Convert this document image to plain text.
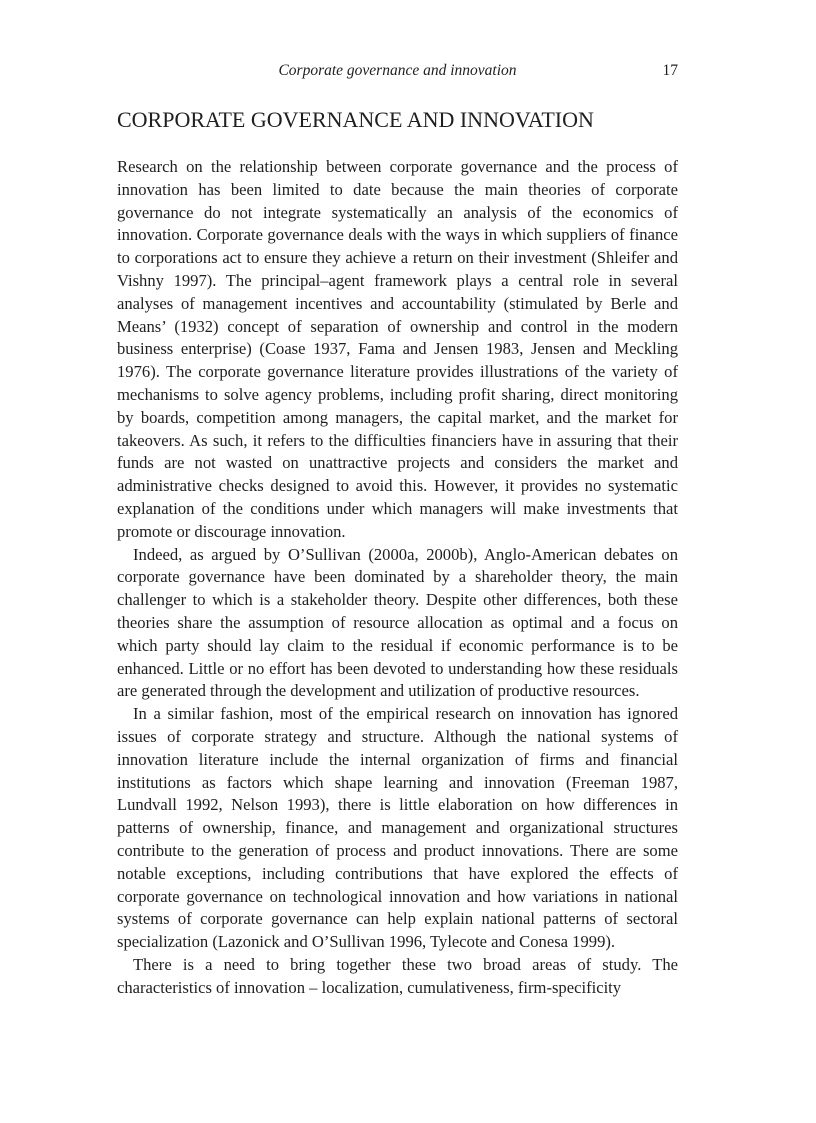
Corporate governance and innovation	17
CORPORATE GOVERNANCE AND INNOVATION

Research on the relationship between corporate governance and the process of innovation has been limited to date because the main theories of corporate governance do not integrate systematically an analysis of the economics of innovation. Corporate governance deals with the ways in which suppliers of finance to corporations act to ensure they achieve a return on their investment (Shleifer and Vishny 1997). The principal–agent framework plays a central role in several analyses of management incentives and accountability (stimulated by Berle and Means’ (1932) concept of separation of ownership and control in the modern business enterprise) (Coase 1937, Fama and Jensen 1983, Jensen and Meckling 1976). The corporate governance literature provides illustrations of the variety of mechanisms to solve agency problems, including profit sharing, direct monitoring by boards, competition among managers, the capital market, and the market for takeovers. As such, it refers to the difficulties financiers have in assuring that their funds are not wasted on unattractive projects and considers the market and administrative checks designed to avoid this. However, it provides no systematic explanation of the conditions under which managers will make investments that promote or discourage innovation.

Indeed, as argued by O’Sullivan (2000a, 2000b), Anglo-American debates on corporate governance have been dominated by a shareholder theory, the main challenger to which is a stakeholder theory. Despite other differences, both these theories share the assumption of resource allocation as optimal and a focus on which party should lay claim to the residual if economic performance is to be enhanced. Little or no effort has been devoted to understanding how these residuals are generated through the development and utilization of productive resources.

In a similar fashion, most of the empirical research on innovation has ignored issues of corporate strategy and structure. Although the national systems of innovation literature include the internal organization of firms and financial institutions as factors which shape learning and innovation (Freeman 1987, Lundvall 1992, Nelson 1993), there is little elaboration on how differences in patterns of ownership, finance, and management and organizational structures contribute to the generation of process and product innovations. There are some notable exceptions, including contributions that have explored the effects of corporate governance on technological innovation and how variations in national systems of corporate governance can help explain national patterns of sectoral specialization (Lazonick and O’Sullivan 1996, Tylecote and Conesa 1999).

There is a need to bring together these two broad areas of study. The characteristics of innovation – localization, cumulativeness, firm-specificity
